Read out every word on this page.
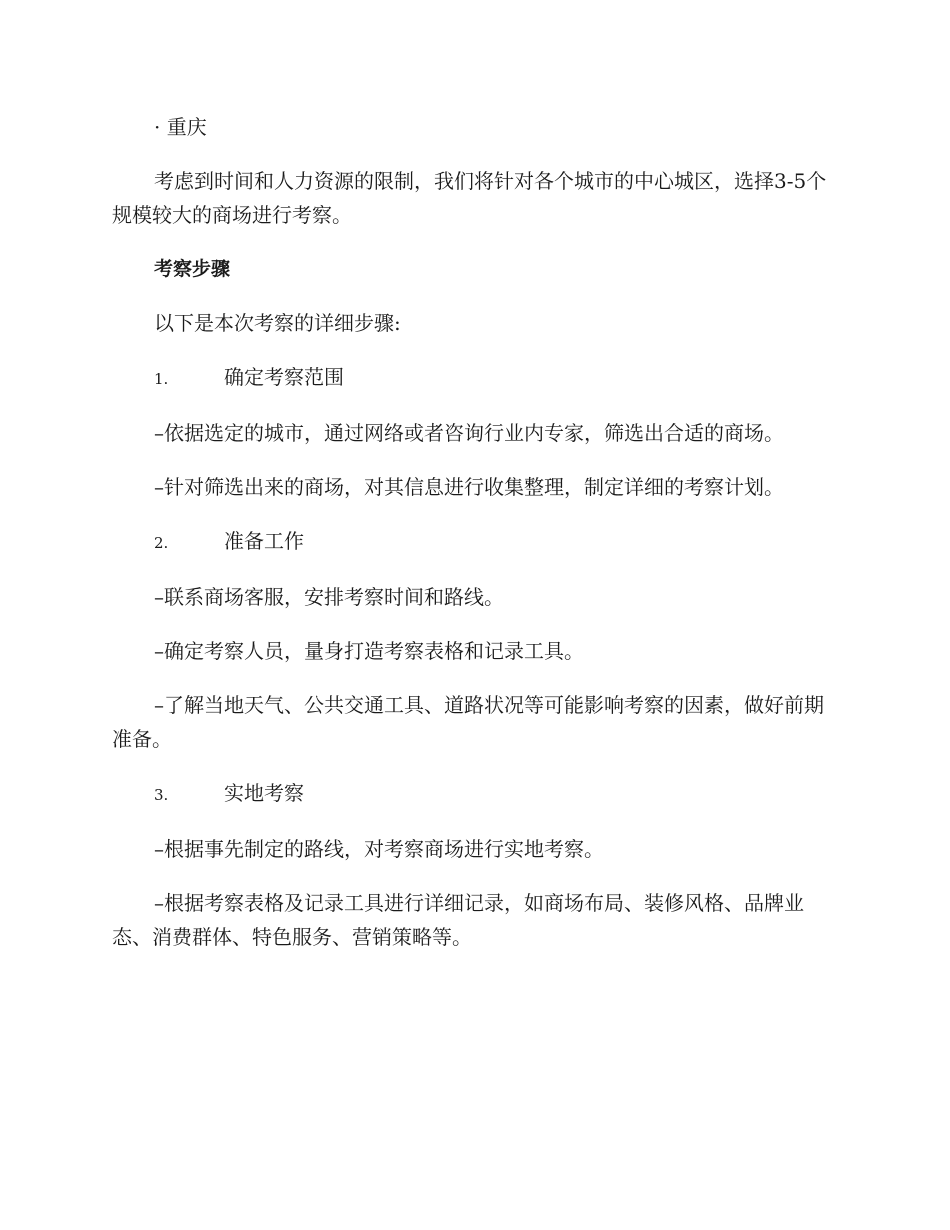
· 重庆

考虑到时间和人力资源的限制，我们将针对各个城市的中心城区，选择3-5个规模较大的商场进行考察。

考察步骤

以下是本次考察的详细步骤:

1.	确定考察范围

–依据选定的城市，通过网络或者咨询行业内专家，筛选出合适的商场。

–针对筛选出来的商场，对其信息进行收集整理，制定详细的考察计划。

2.	准备工作

–联系商场客服，安排考察时间和路线。

–确定考察人员，量身打造考察表格和记录工具。

–了解当地天气、公共交通工具、道路状况等可能影响考察的因素，做好前期准备。

3.	实地考察

–根据事先制定的路线，对考察商场进行实地考察。

–根据考察表格及记录工具进行详细记录，如商场布局、装修风格、品牌业态、消费群体、特色服务、营销策略等。
